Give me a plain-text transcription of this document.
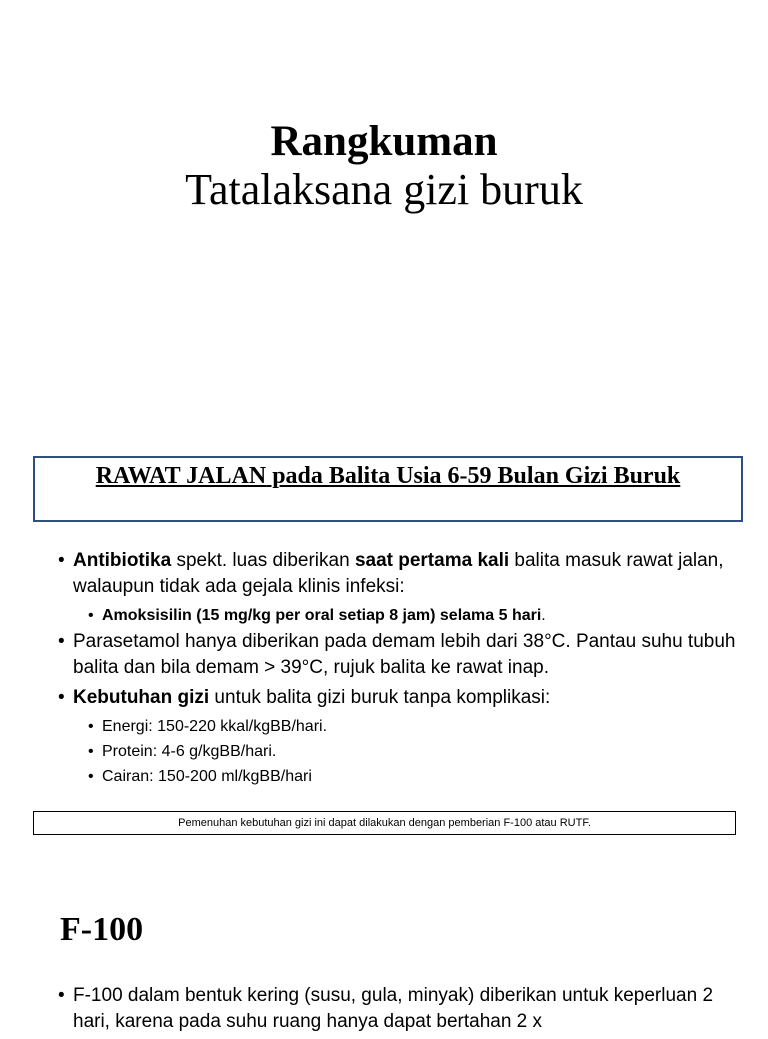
Rangkuman
Tatalaksana gizi buruk
RAWAT JALAN pada Balita Usia 6-59 Bulan Gizi Buruk
• Antibiotika spekt. luas diberikan saat pertama kali balita masuk rawat jalan, walaupun tidak ada gejala klinis infeksi:
• Amoksisilin (15 mg/kg per oral setiap 8 jam) selama 5 hari.
• Parasetamol hanya diberikan pada demam lebih dari 38°C. Pantau suhu tubuh balita dan bila demam > 39°C, rujuk balita ke rawat inap.
• Kebutuhan gizi untuk balita gizi buruk tanpa komplikasi:
• Energi: 150-220 kkal/kgBB/hari.
• Protein: 4-6 g/kgBB/hari.
• Cairan: 150-200 ml/kgBB/hari
Pemenuhan kebutuhan gizi ini dapat dilakukan dengan pemberian F-100 atau RUTF.
F-100
• F-100 dalam bentuk kering (susu, gula, minyak) diberikan untuk keperluan 2 hari, karena pada suhu ruang hanya dapat bertahan 2 x
